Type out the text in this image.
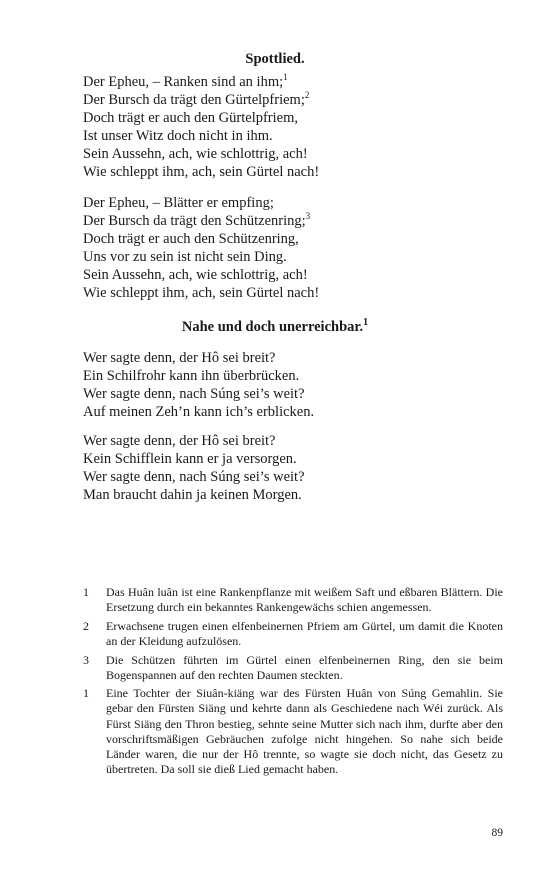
Spottlied.
Der Epheu, – Ranken sind an ihm;$^1$
Der Bursch da trägt den Gürtelpfriem;$^2$
Doch trägt er auch den Gürtelpfriem,
Ist unser Witz doch nicht in ihm.
Sein Aussehn, ach, wie schlottrig, ach!
Wie schleppt ihm, ach, sein Gürtel nach!
Der Epheu, – Blätter er empfing;
Der Bursch da trägt den Schützenring;$^3$
Doch trägt er auch den Schützenring,
Uns vor zu sein ist nicht sein Ding.
Sein Aussehn, ach, wie schlottrig, ach!
Wie schleppt ihm, ach, sein Gürtel nach!
Nahe und doch unerreichbar.$^1$
Wer sagte denn, der Hô sei breit?
Ein Schilfrohr kann ihn überbrücken.
Wer sagte denn, nach Súng sei’s weit?
Auf meinen Zeh’n kann ich’s erblicken.
Wer sagte denn, der Hô sei breit?
Kein Schifflein kann er ja versorgen.
Wer sagte denn, nach Súng sei’s weit?
Man braucht dahin ja keinen Morgen.
1	Das Huân luân ist eine Rankenpflanze mit weißem Saft und eßbaren Blättern. Die Ersetzung durch ein bekanntes Rankengewächs schien angemessen.
2	Erwachsene trugen einen elfenbeinernen Pfriem am Gürtel, um damit die Knoten an der Kleidung aufzulösen.
3	Die Schützen führten im Gürtel einen elfenbeinernen Ring, den sie beim Bogenspannen auf den rechten Daumen steckten.
1	Eine Tochter der Siuân-kiäng war des Fürsten Huân von Súng Gemahlin. Sie gebar den Fürsten Siäng und kehrte dann als Geschiedene nach Wéi zurück. Als Fürst Siäng den Thron bestieg, sehnte seine Mutter sich nach ihm, durfte aber den vorschriftsmäßigen Gebräuchen zufolge nicht hingehen. So nahe sich beide Länder waren, die nur der Hô trennte, so wagte sie doch nicht, das Gesetz zu übertreten. Da soll sie dieß Lied gemacht haben.
89
